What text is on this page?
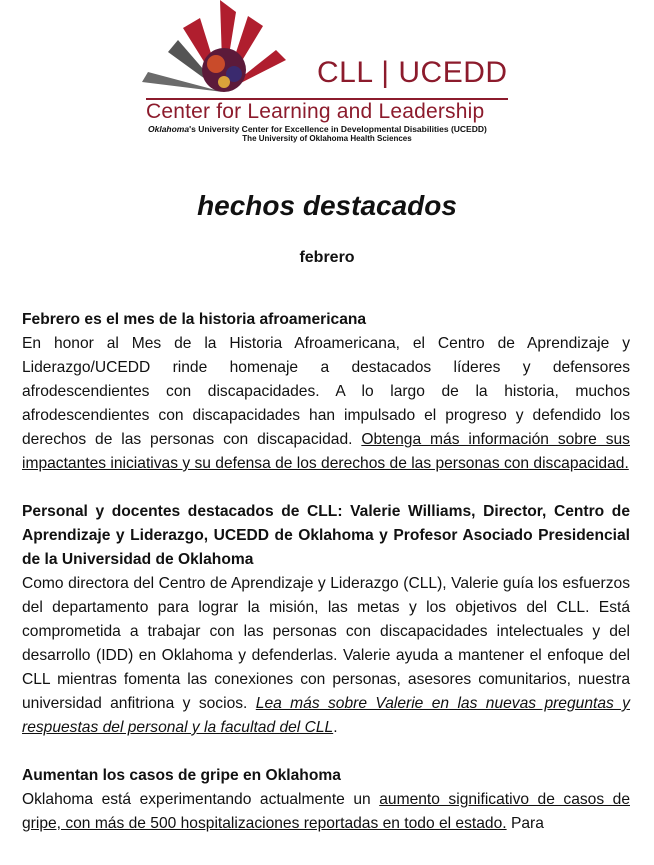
CLL | UCEDD
Center for Learning and Leadership
Oklahoma's University Center for Excellence in Developmental Disabilities (UCEDD)
The University of Oklahoma Health Sciences
hechos destacados
febrero
Febrero es el mes de la historia afroamericana

En honor al Mes de la Historia Afroamericana, el Centro de Aprendizaje y Liderazgo/UCEDD rinde homenaje a destacados líderes y defensores afrodescendientes con discapacidades. A lo largo de la historia, muchos afrodescendientes con discapacidades han impulsado el progreso y defendido los derechos de las personas con discapacidad. Obtenga más información sobre sus impactantes iniciativas y su defensa de los derechos de las personas con discapacidad.

Personal y docentes destacados de CLL: Valerie Williams, Director, Centro de Aprendizaje y Liderazgo, UCEDD de Oklahoma y Profesor Asociado Presidencial de la Universidad de Oklahoma

Como directora del Centro de Aprendizaje y Liderazgo (CLL), Valerie guía los esfuerzos del departamento para lograr la misión, las metas y los objetivos del CLL. Está comprometida a trabajar con las personas con discapacidades intelectuales y del desarrollo (IDD) en Oklahoma y defenderlas. Valerie ayuda a mantener el enfoque del CLL mientras fomenta las conexiones con personas, asesores comunitarios, nuestra universidad anfitriona y socios. Lea más sobre Valerie en las nuevas preguntas y respuestas del personal y la facultad del CLL.

Aumentan los casos de gripe en Oklahoma

Oklahoma está experimentando actualmente un aumento significativo de casos de gripe, con más de 500 hospitalizaciones reportadas en todo el estado. Para
